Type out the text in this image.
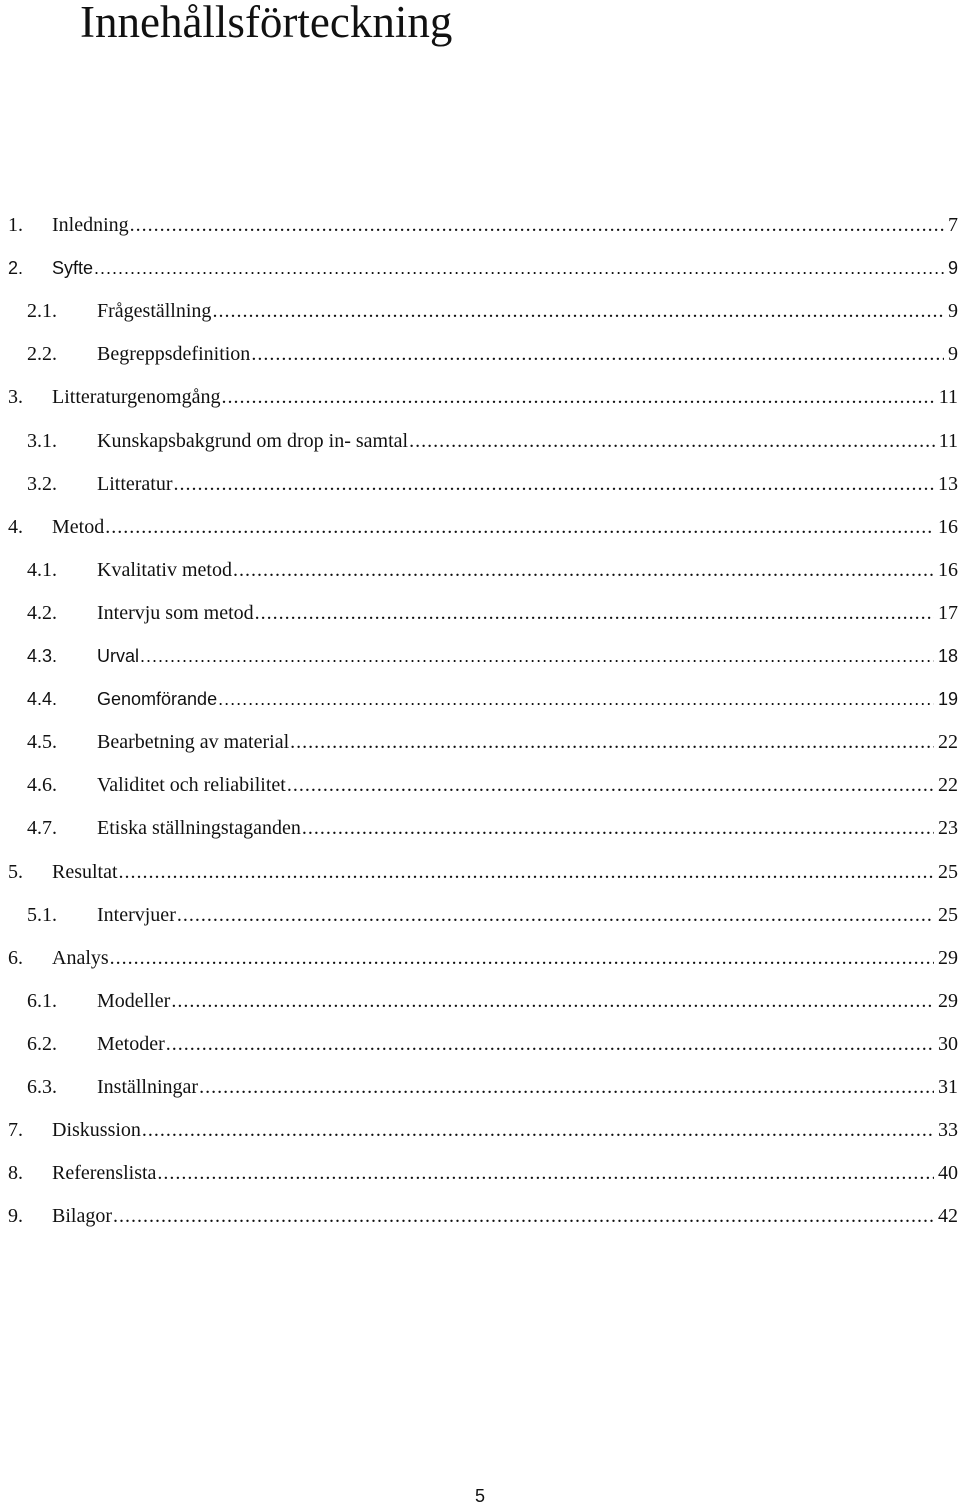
Innehållsförteckning
1.	Inledning .....	7
2.	Syfte .....	9
2.1.	Frågeställning .....	9
2.2.	Begreppsdefinition .....	9
3.	Litteraturgenomgång .....	11
3.1.	Kunskapsbakgrund om drop in- samtal .....	11
3.2.	Litteratur .....	13
4.	Metod .....	16
4.1.	Kvalitativ metod .....	16
4.2.	Intervju som metod .....	17
4.3.	Urval .....	18
4.4.	Genomförande .....	19
4.5.	Bearbetning av material .....	22
4.6.	Validitet och reliabilitet .....	22
4.7.	Etiska ställningstaganden .....	23
5.	Resultat .....	25
5.1.	Intervjuer .....	25
6.	Analys .....	29
6.1.	Modeller .....	29
6.2.	Metoder .....	30
6.3.	Inställningar .....	31
7.	Diskussion .....	33
8.	Referenslista .....	40
9.	Bilagor .....	42
5
